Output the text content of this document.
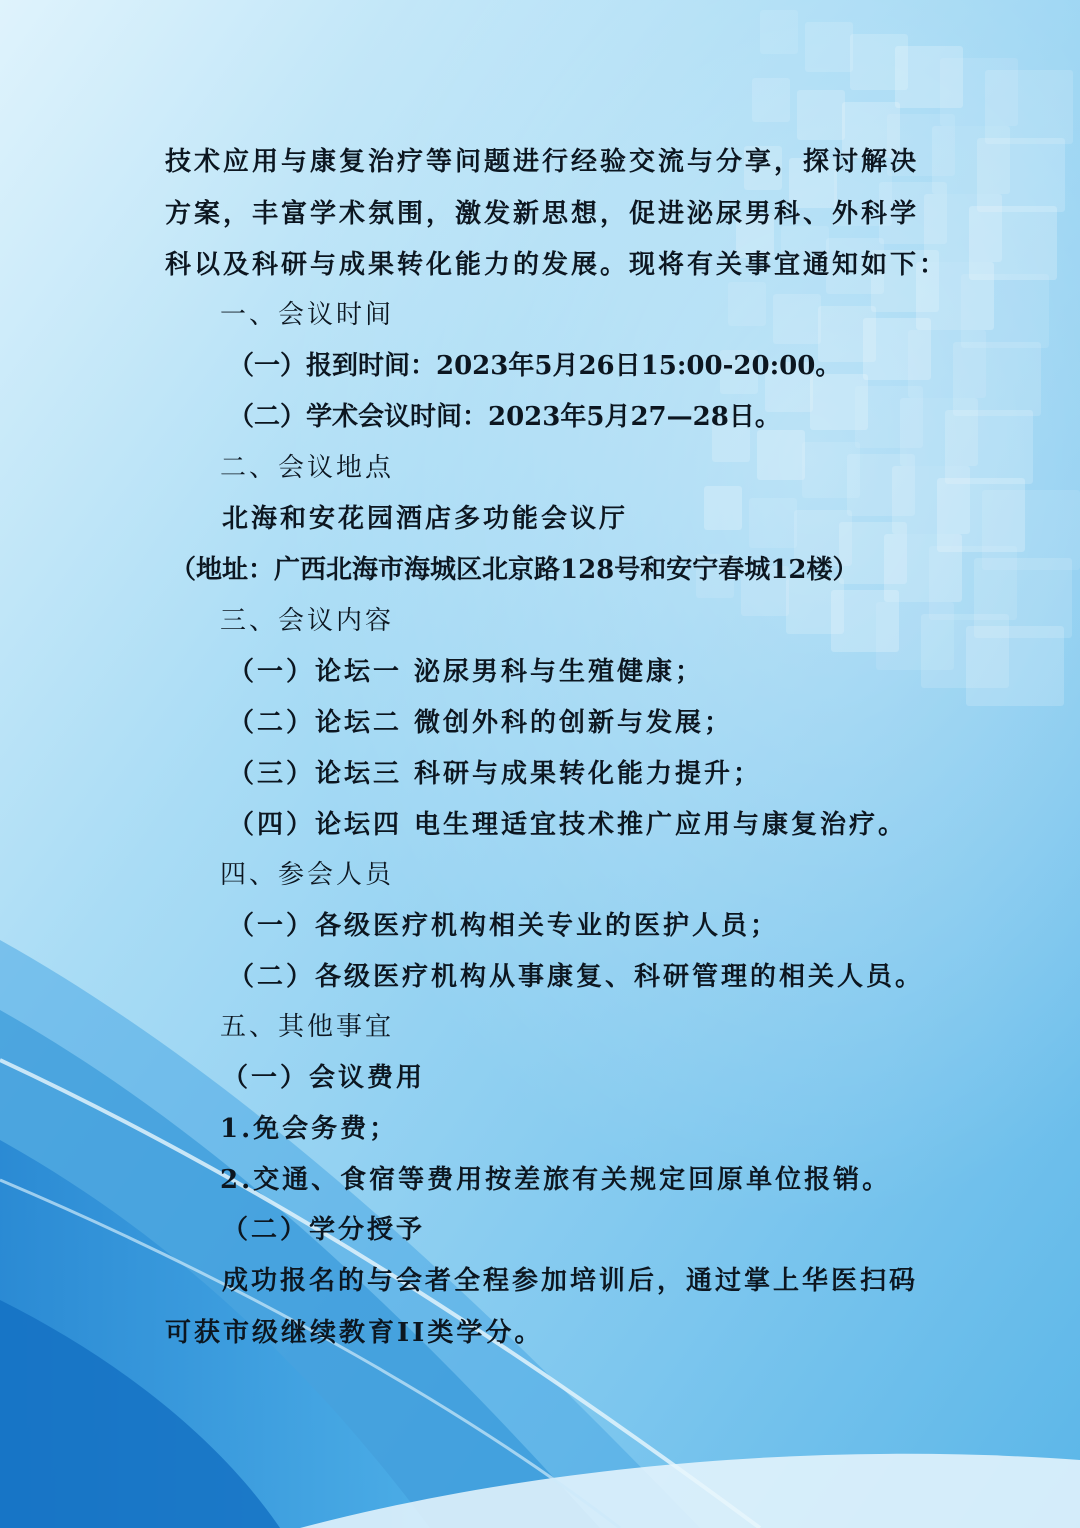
技术应用与康复治疗等问题进行经验交流与分享，探讨解决
方案，丰富学术氛围，激发新思想，促进泌尿男科、外科学
科以及科研与成果转化能力的发展。现将有关事宜通知如下：
一、会议时间
（一）报到时间：2023年5月26日15:00-20:00。
（二）学术会议时间：2023年5月27—28日。
二、会议地点
北海和安花园酒店多功能会议厅
（地址：广西北海市海城区北京路128号和安宁春城12楼）
三、会议内容
（一）论坛一 泌尿男科与生殖健康；
（二）论坛二 微创外科的创新与发展；
（三）论坛三 科研与成果转化能力提升；
（四）论坛四 电生理适宜技术推广应用与康复治疗。
四、参会人员
（一）各级医疗机构相关专业的医护人员；
（二）各级医疗机构从事康复、科研管理的相关人员。
五、其他事宜
（一）会议费用
1.免会务费；
2.交通、食宿等费用按差旅有关规定回原单位报销。
（二）学分授予
成功报名的与会者全程参加培训后，通过掌上华医扫码
可获市级继续教育II类学分。
